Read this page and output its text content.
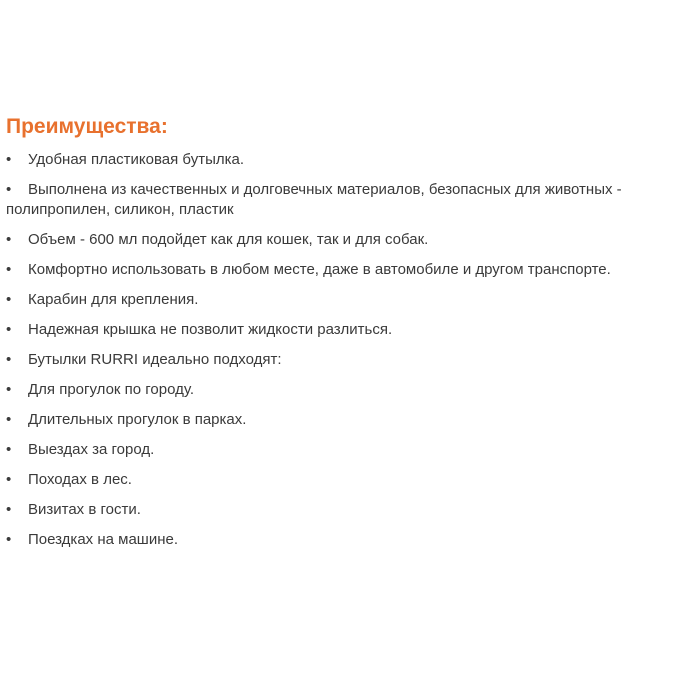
Преимущества:
•	Удобная пластиковая бутылка.
•	Выполнена из качественных и долговечных материалов, безопасных для животных - полипропилен, силикон, пластик
•	Объем - 600 мл подойдет как для кошек, так и для собак.
•	Комфортно использовать в любом месте, даже в автомобиле и другом транспорте.
•	Карабин для крепления.
•	Надежная крышка не позволит жидкости разлиться.
•	Бутылки RURRI идеально подходят:
•	Для прогулок по городу.
•	Длительных прогулок в парках.
•	Выездах за город.
•	Походах в лес.
•	Визитах в гости.
•	Поездках на машине.
